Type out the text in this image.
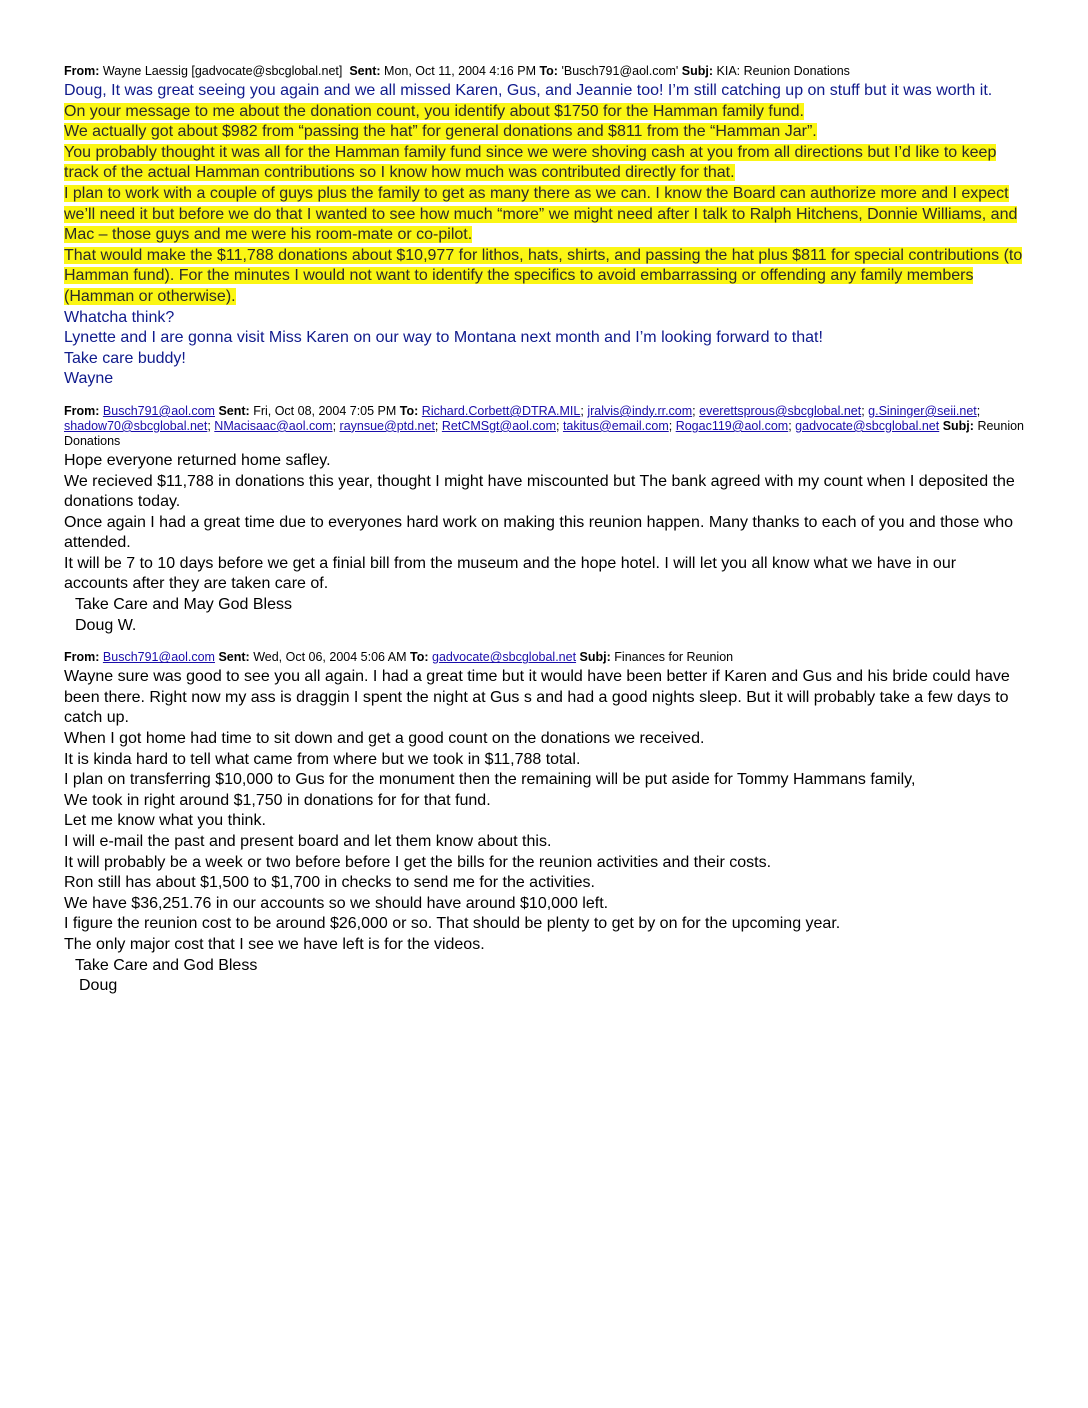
From: Wayne Laessig [gadvocate@sbcglobal.net] Sent: Mon, Oct 11, 2004 4:16 PM To: 'Busch791@aol.com' Subj: KIA: Reunion Donations

Doug, It was great seeing you again and we all missed Karen, Gus, and Jeannie too! I’m still catching up on stuff but it was worth it.

On your message to me about the donation count, you identify about $1750 for the Hamman family fund.

We actually got about $982 from “passing the hat” for general donations and $811 from the “Hamman Jar”.

You probably thought it was all for the Hamman family fund since we were shoving cash at you from all directions but I’d like to keep track of the actual Hamman contributions so I know how much was contributed directly for that.

I plan to work with a couple of guys plus the family to get as many there as we can. I know the Board can authorize more and I expect we’ll need it but before we do that I wanted to see how much “more” we might need after I talk to Ralph Hitchens, Donnie Williams, and Mac – those guys and me were his room-mate or co-pilot.

That would make the $11,788 donations about $10,977 for lithos, hats, shirts, and passing the hat plus $811 for special contributions (to Hamman fund). For the minutes I would not want to identify the specifics to avoid embarrassing or offending any family members (Hamman or otherwise).

Whatcha think?

Lynette and I are gonna visit Miss Karen on our way to Montana next month and I’m looking forward to that!

Take care buddy!

Wayne

From: Busch791@aol.com Sent: Fri, Oct 08, 2004 7:05 PM To: Richard.Corbett@DTRA.MIL; jralvis@indy.rr.com; everettsprous@sbcglobal.net; g.Sininger@seii.net; shadow70@sbcglobal.net; NMacisaac@aol.com; raynsue@ptd.net; RetCMSgt@aol.com; takitus@email.com; Rogac119@aol.com; gadvocate@sbcglobal.net Subj: Reunion Donations

Hope everyone returned home safley.

We recieved $11,788 in donations this year, thought I might have miscounted but The bank agreed with my count when I deposited the donations today.

Once again I had a great time due to everyones hard work on making this reunion happen. Many thanks to each of you and those who attended.

It will be 7 to 10 days before we get a finial bill from the museum and the hope hotel. I will let you all know what we have in our accounts after they are taken care of.

Take Care and May God Bless

Doug W.

From: Busch791@aol.com Sent: Wed, Oct 06, 2004 5:06 AM To: gadvocate@sbcglobal.net Subj: Finances for Reunion

Wayne sure was good to see you all again. I had a great time but it would have been better if Karen and Gus and his bride could have been there. Right now my ass is draggin I spent the night at Gus s and had a good nights sleep. But it will probably take a few days to catch up.

When I got home had time to sit down and get a good count on the donations we received.

It is kinda hard to tell what came from where but we took in $11,788 total.

I plan on transferring $10,000 to Gus for the monument then the remaining will be put aside for Tommy Hammans family,

We took in right around $1,750 in donations for for that fund.

Let me know what you think.

I will e-mail the past and present board and let them know about this.

It will probably be a week or two before before I get the bills for the reunion activities and their costs.

Ron still has about $1,500 to $1,700 in checks to send me for the activities.

We have $36,251.76 in our accounts so we should have around $10,000 left.

I figure the reunion cost to be around $26,000 or so. That should be plenty to get by on for the upcoming year.

The only major cost that I see we have left is for the videos.

Take Care and God Bless

Doug
